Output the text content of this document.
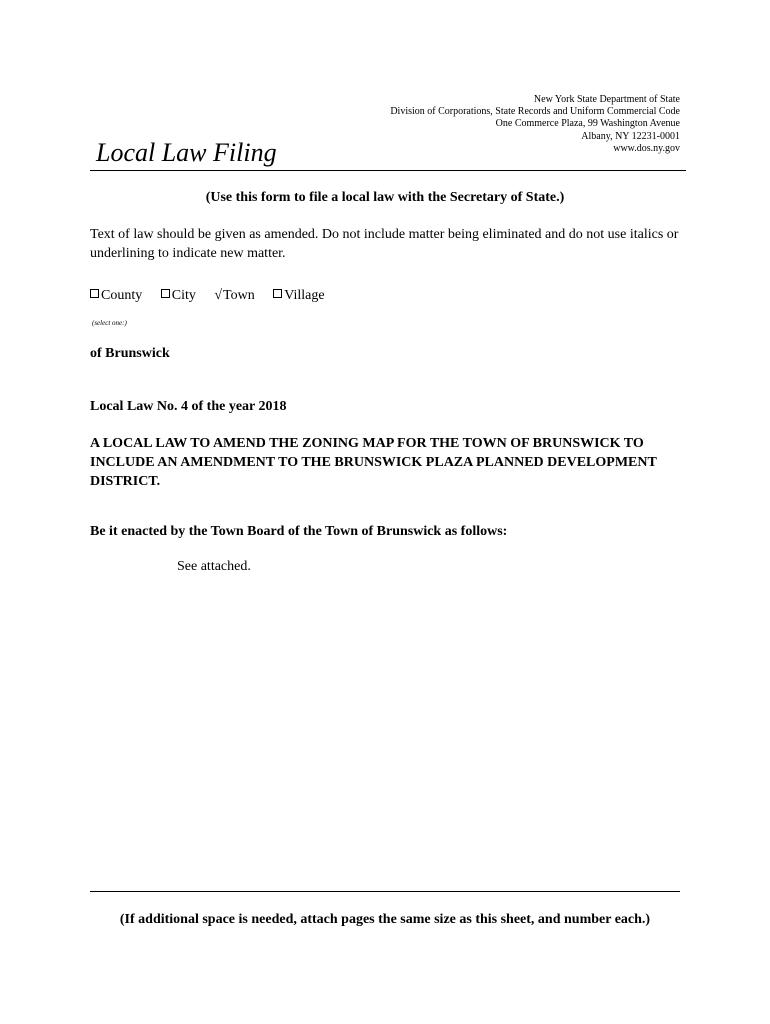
New York State Department of State
Division of Corporations, State Records and Uniform Commercial Code
One Commerce Plaza, 99 Washington Avenue
Albany, NY 12231-0001
www.dos.ny.gov
Local Law Filing
(Use this form to file a local law with the Secretary of State.)
Text of law should be given as amended. Do not include matter being eliminated and do not use italics or underlining to indicate new matter.
County City √Town Village
(select one:)
of Brunswick
Local Law No. 4 of the year 2018
A LOCAL LAW TO AMEND THE ZONING MAP FOR THE TOWN OF BRUNSWICK TO INCLUDE AN AMENDMENT TO THE BRUNSWICK PLAZA PLANNED DEVELOPMENT DISTRICT.
Be it enacted by the Town Board of the Town of Brunswick as follows:
See attached.
(If additional space is needed, attach pages the same size as this sheet, and number each.)
